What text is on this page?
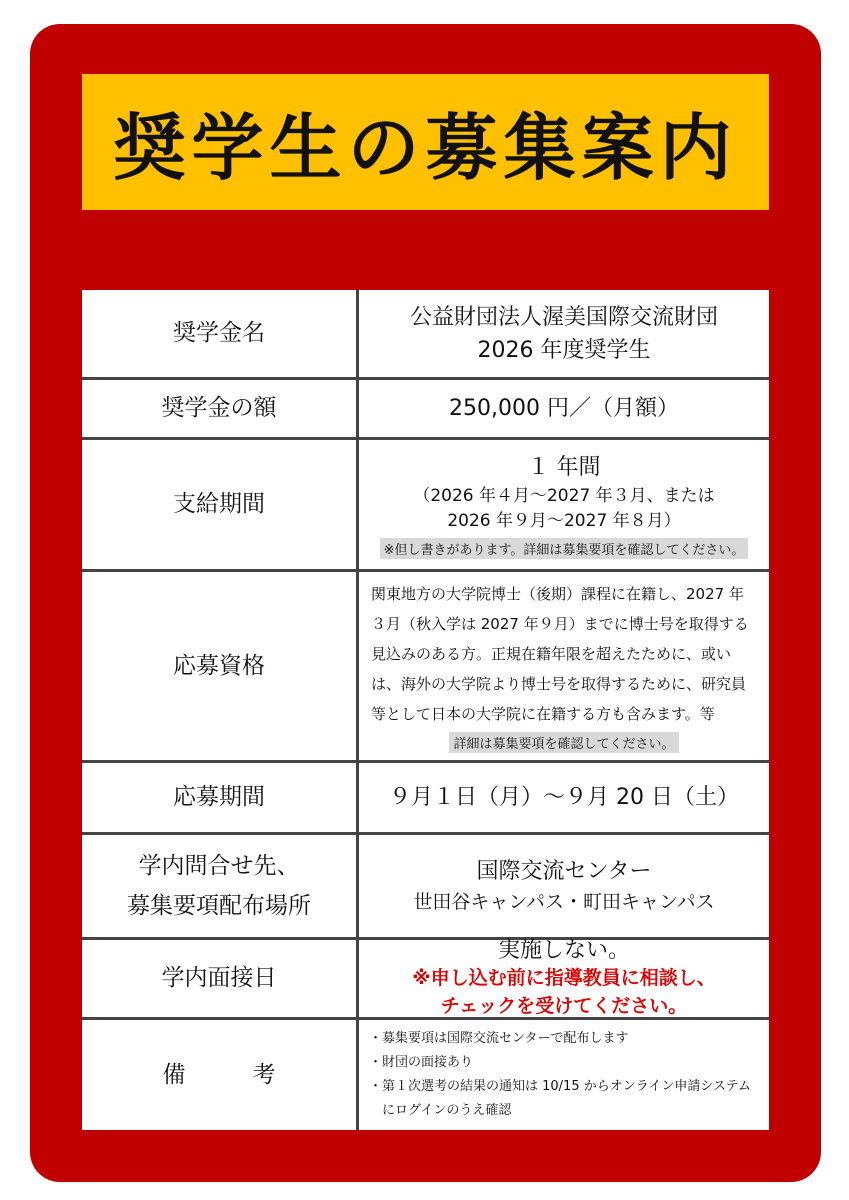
奨学生の募集案内
奨学金名
公益財団法人渥美国際交流財団
2026 年度奨学生
奨学金の額	250,000 円／（月額）
支給期間
１ 年間
（2026 年４月～2027 年３月、または
2026 年９月～2027 年８月）
※但し書きがあります。詳細は募集要項を確認してください。
応募資格
関東地方の大学院博士（後期）課程に在籍し、2027 年３月（秋入学は 2027 年９月）までに博士号を取得する見込みのある方。正規在籍年限を超えたために、或いは、海外の大学院より博士号を取得するために、研究員等として日本の大学院に在籍する方も含みます。等
詳細は募集要項を確認してください。
応募期間	９月１日（月）～９月 20 日（土）
学内問合せ先、
募集要項配布場所
国際交流センター
世田谷キャンパス・町田キャンパス
学内面接日
実施しない。
※申し込む前に指導教員に相談し、
チェックを受けてください。
備　考
・募集要項は国際交流センターで配布します
・財団の面接あり
・第１次選考の結果の通知は 10/15 からオンライン申請システム
　にログインのうえ確認
